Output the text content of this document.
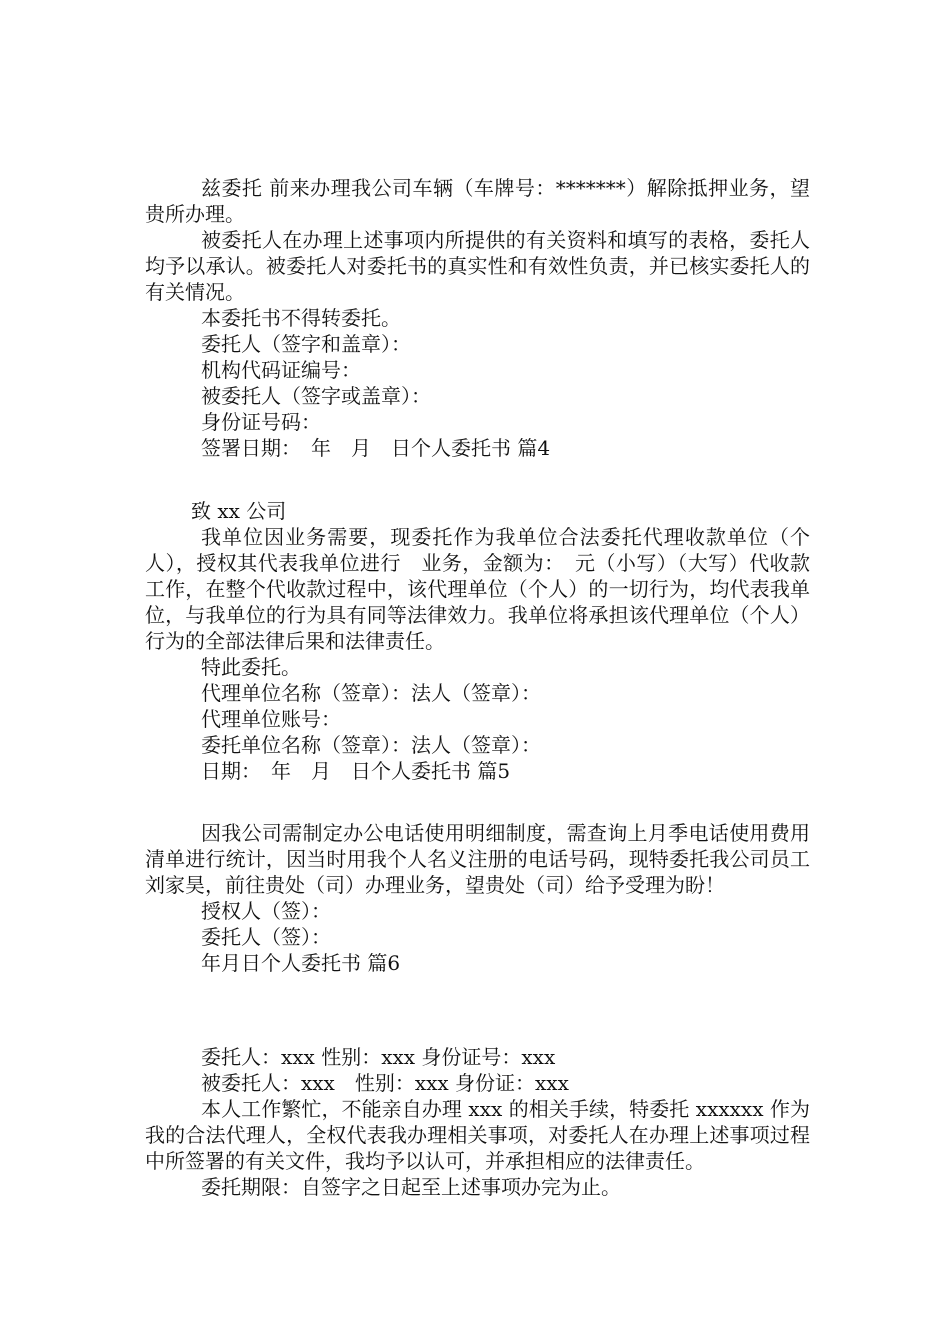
兹委托 前来办理我公司车辆（车牌号：*******）解除抵押业务，望贵所办理。

被委托人在办理上述事项内所提供的有关资料和填写的表格，委托人均予以承认。被委托人对委托书的真实性和有效性负责，并已核实委托人的有关情况。

本委托书不得转委托。

委托人（签字和盖章）：

机构代码证编号：

被委托人（签字或盖章）：

身份证号码：

签署日期：　年　月　日个人委托书 篇4

致 xx 公司

我单位因业务需要，现委托作为我单位合法委托代理收款单位（个人），授权其代表我单位进行　业务，金额为：　元（小写）（大写）代收款工作，在整个代收款过程中，该代理单位（个人）的一切行为，均代表我单位，与我单位的行为具有同等法律效力。我单位将承担该代理单位（个人）行为的全部法律后果和法律责任。

特此委托。

代理单位名称（签章）：法人（签章）：

代理单位账号：

委托单位名称（签章）：法人（签章）：

日期：　年　月　日个人委托书 篇5

因我公司需制定办公电话使用明细制度，需查询上月季电话使用费用清单进行统计，因当时用我个人名义注册的电话号码，现特委托我公司员工刘家昊，前往贵处（司）办理业务，望贵处（司）给予受理为盼！

授权人（签）：

委托人（签）：

年月日个人委托书 篇6

委托人：xxx 性别：xxx 身份证号：xxx

被委托人：xxx　性别：xxx 身份证：xxx

本人工作繁忙，不能亲自办理 xxx 的相关手续，特委托 xxxxxx 作为我的合法代理人，全权代表我办理相关事项，对委托人在办理上述事项过程中所签署的有关文件，我均予以认可，并承担相应的法律责任。

委托期限：自签字之日起至上述事项办完为止。
